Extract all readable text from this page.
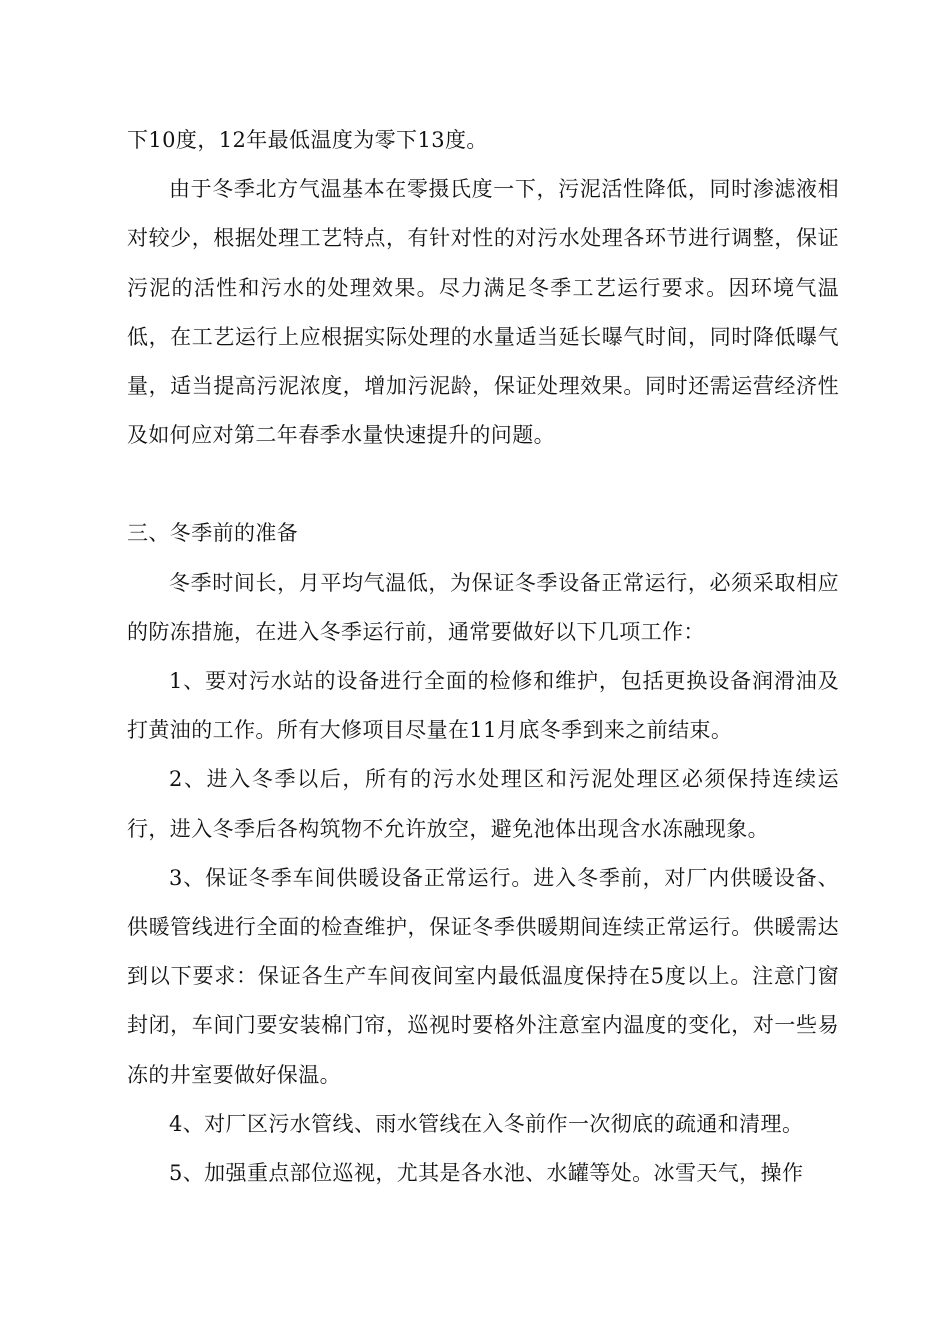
下10度，12年最低温度为零下13度。

由于冬季北方气温基本在零摄氏度一下，污泥活性降低，同时渗滤液相对较少，根据处理工艺特点，有针对性的对污水处理各环节进行调整，保证污泥的活性和污水的处理效果。尽力满足冬季工艺运行要求。因环境气温低，在工艺运行上应根据实际处理的水量适当延长曝气时间，同时降低曝气量，适当提高污泥浓度，增加污泥龄，保证处理效果。同时还需运营经济性及如何应对第二年春季水量快速提升的问题。

三、冬季前的准备

冬季时间长，月平均气温低，为保证冬季设备正常运行，必须采取相应的防冻措施，在进入冬季运行前，通常要做好以下几项工作：

1、要对污水站的设备进行全面的检修和维护，包括更换设备润滑油及打黄油的工作。所有大修项目尽量在11月底冬季到来之前结束。

2、进入冬季以后，所有的污水处理区和污泥处理区必须保持连续运行，进入冬季后各构筑物不允许放空，避免池体出现含水冻融现象。

3、保证冬季车间供暖设备正常运行。进入冬季前，对厂内供暖设备、供暖管线进行全面的检查维护，保证冬季供暖期间连续正常运行。供暖需达到以下要求：保证各生产车间夜间室内最低温度保持在5度以上。注意门窗封闭，车间门要安装棉门帘，巡视时要格外注意室内温度的变化，对一些易冻的井室要做好保温。

4、对厂区污水管线、雨水管线在入冬前作一次彻底的疏通和清理。

5、加强重点部位巡视，尤其是各水池、水罐等处。冰雪天气，操作
